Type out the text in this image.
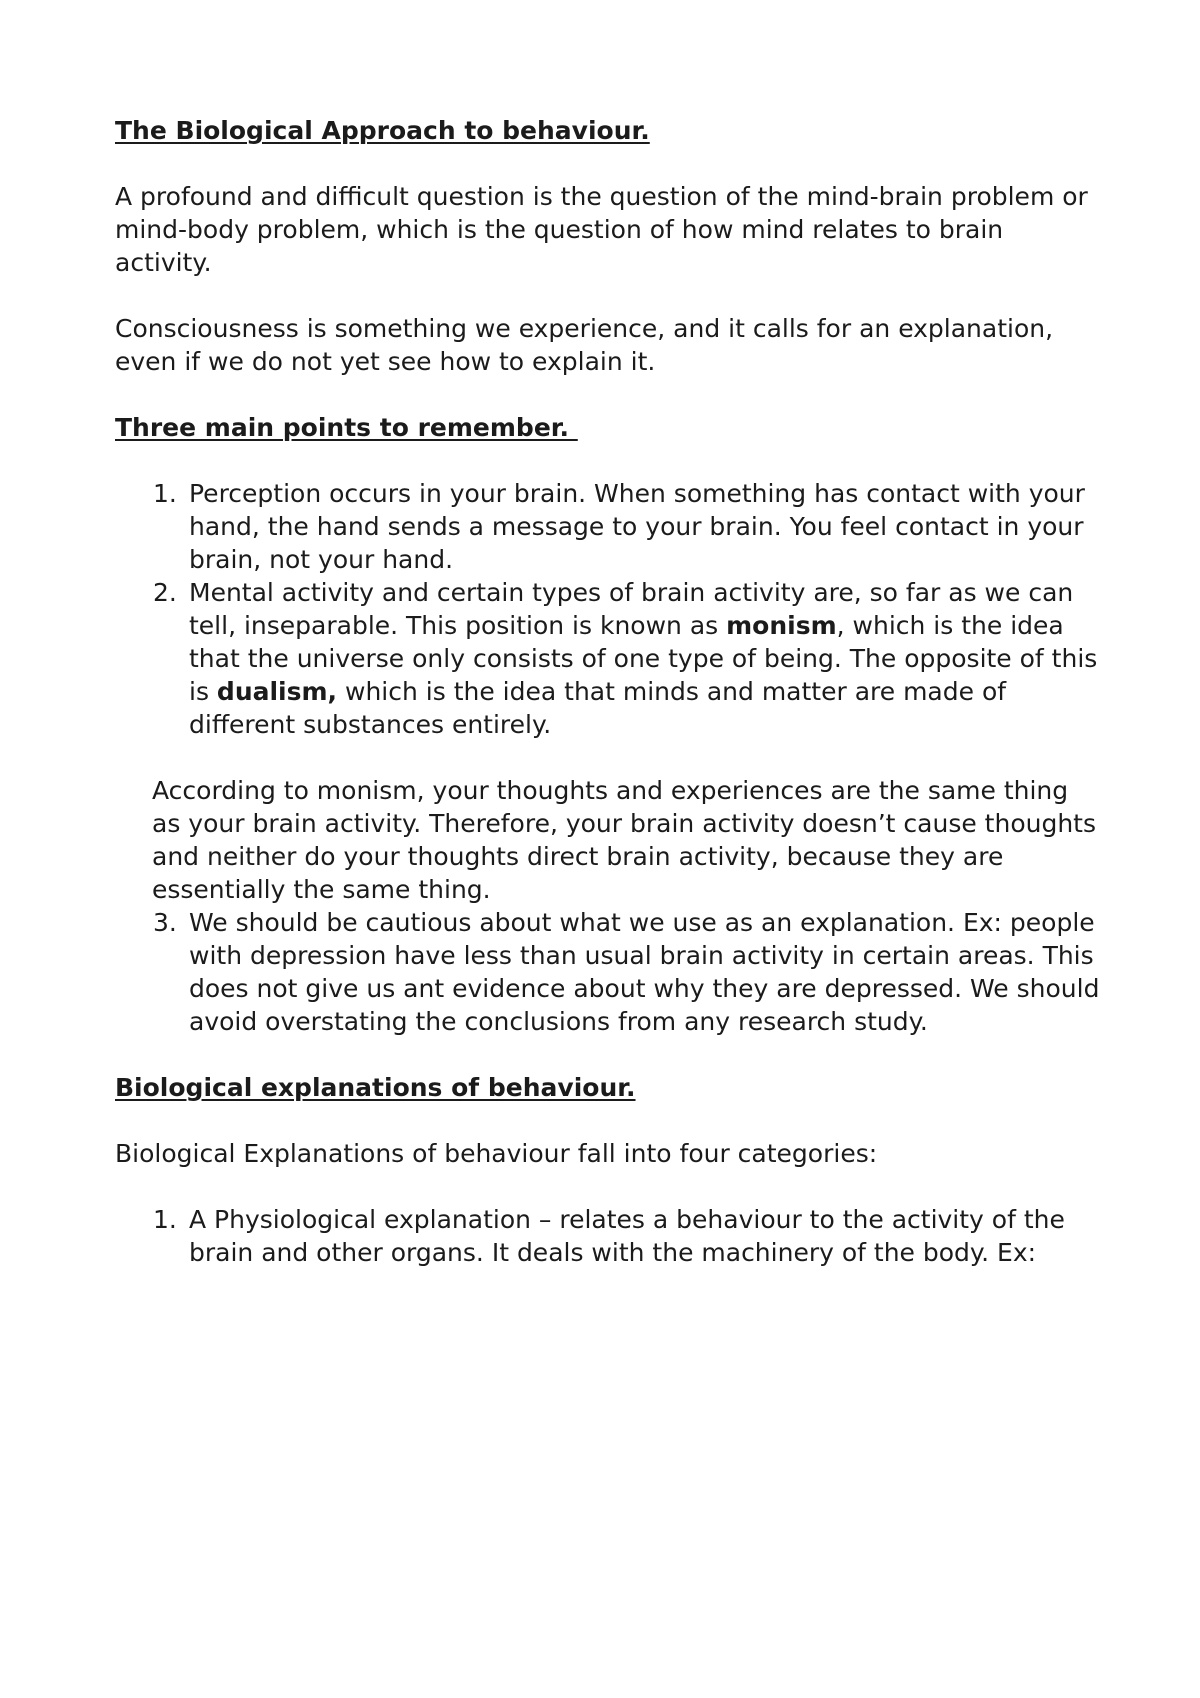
The Biological Approach to behaviour.

A profound and difficult question is the question of the mind-brain problem or mind-body problem, which is the question of how mind relates to brain activity.

Consciousness is something we experience, and it calls for an explanation, even if we do not yet see how to explain it.

Three main points to remember.

1. Perception occurs in your brain. When something has contact with your hand, the hand sends a message to your brain. You feel contact in your brain, not your hand.
2. Mental activity and certain types of brain activity are, so far as we can tell, inseparable. This position is known as monism, which is the idea that the universe only consists of one type of being. The opposite of this is dualism, which is the idea that minds and matter are made of different substances entirely.

According to monism, your thoughts and experiences are the same thing as your brain activity. Therefore, your brain activity doesn’t cause thoughts and neither do your thoughts direct brain activity, because they are essentially the same thing.

3. We should be cautious about what we use as an explanation. Ex: people with depression have less than usual brain activity in certain areas. This does not give us ant evidence about why they are depressed. We should avoid overstating the conclusions from any research study.

Biological explanations of behaviour.

Biological Explanations of behaviour fall into four categories:

1. A Physiological explanation – relates a behaviour to the activity of the brain and other organs. It deals with the machinery of the body. Ex:
